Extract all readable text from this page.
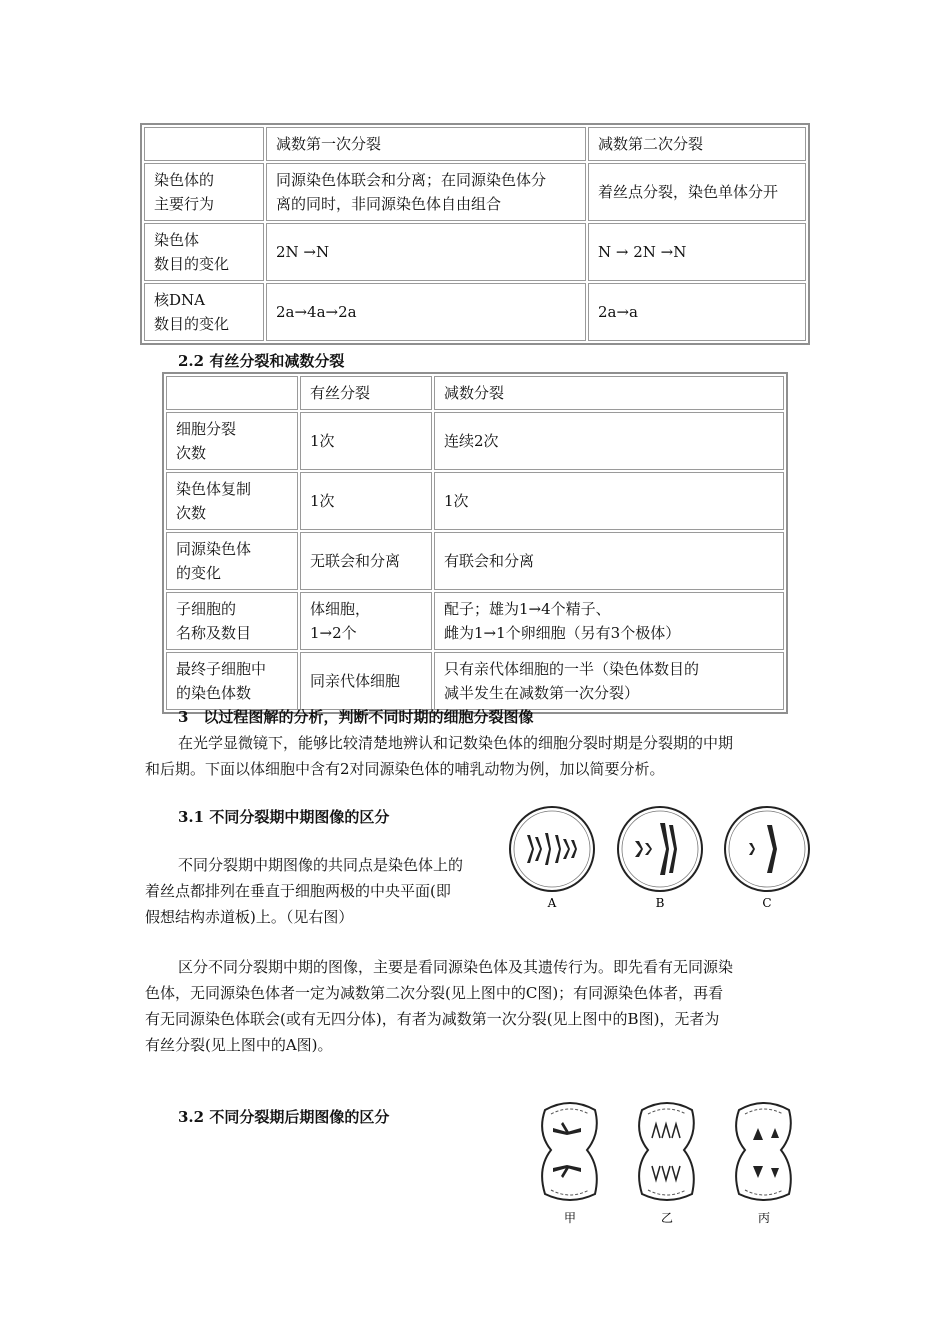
	减数第一次分裂	减数第二次分裂
染色体的
主要行为	同源染色体联会和分离；在同源染色体分
离的同时，非同源染色体自由组合	着丝点分裂，染色单体分开
染色体
数目的变化	2N →N	N → 2N →N
核DNA
数目的变化	2a→4a→2a	2a→a
2.2 有丝分裂和减数分裂
	有丝分裂	减数分裂
细胞分裂
次数	1次	连续2次
染色体复制
次数	1次	1次
同源染色体
的变化	无联会和分离	有联会和分离
子细胞的
名称及数目	体细胞，
1→2个	配子；雄为1→4个精子、
雌为1→1个卵细胞（另有3个极体）
最终子细胞中
的染色体数	同亲代体细胞	只有亲代体细胞的一半（染色体数目的
减半发生在减数第一次分裂）
3　以过程图解的分析，判断不同时期的细胞分裂图像
在光学显微镜下，能够比较清楚地辨认和记数染色体的细胞分裂时期是分裂期的中期
和后期。下面以体细胞中含有2对同源染色体的哺乳动物为例，加以简要分析。
3.1 不同分裂期中期图像的区分
不同分裂期中期图像的共同点是染色体上的
着丝点都排列在垂直于细胞两极的中央平面(即
假想结构赤道板)上。（见右图）
A	B	C
区分不同分裂期中期的图像，主要是看同源染色体及其遗传行为。即先看有无同源染
色体，无同源染色体者一定为减数第二次分裂(见上图中的C图)；有同源染色体者，再看
有无同源染色体联会(或有无四分体)，有者为减数第一次分裂(见上图中的B图)，无者为
有丝分裂(见上图中的A图)。
3.2 不同分裂期后期图像的区分
甲	乙	丙
